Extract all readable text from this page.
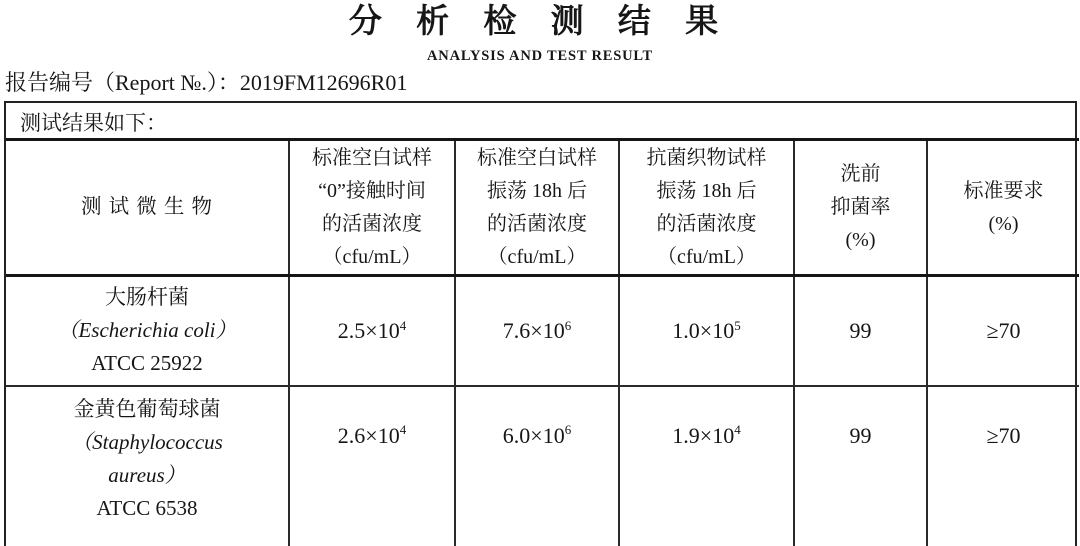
分 析 检 测 结 果
ANALYSIS AND TEST RESULT
报告编号（Report №.）：2019FM12696R01
测试结果如下：
测 试 微 生 物

标准空白试样
“0”接触时间
的活菌浓度
（cfu/mL）

标准空白试样
振荡 18h 后
的活菌浓度
（cfu/mL）

抗菌织物试样
振荡 18h 后
的活菌浓度
（cfu/mL）

洗前
抑菌率
(%)

标准要求
(%)

大肠杆菌
（Escherichia coli）
ATCC 25922	$2.5\times 10^4$	$7.6\times 10^6$	$1.0\times 10^5$	99	≥70

金黄色葡萄球菌
（Staphylococcus
aureus）
ATCC 6538	$2.6\times 10^4$	$6.0\times 10^6$	$1.9\times 10^4$	99	≥70
